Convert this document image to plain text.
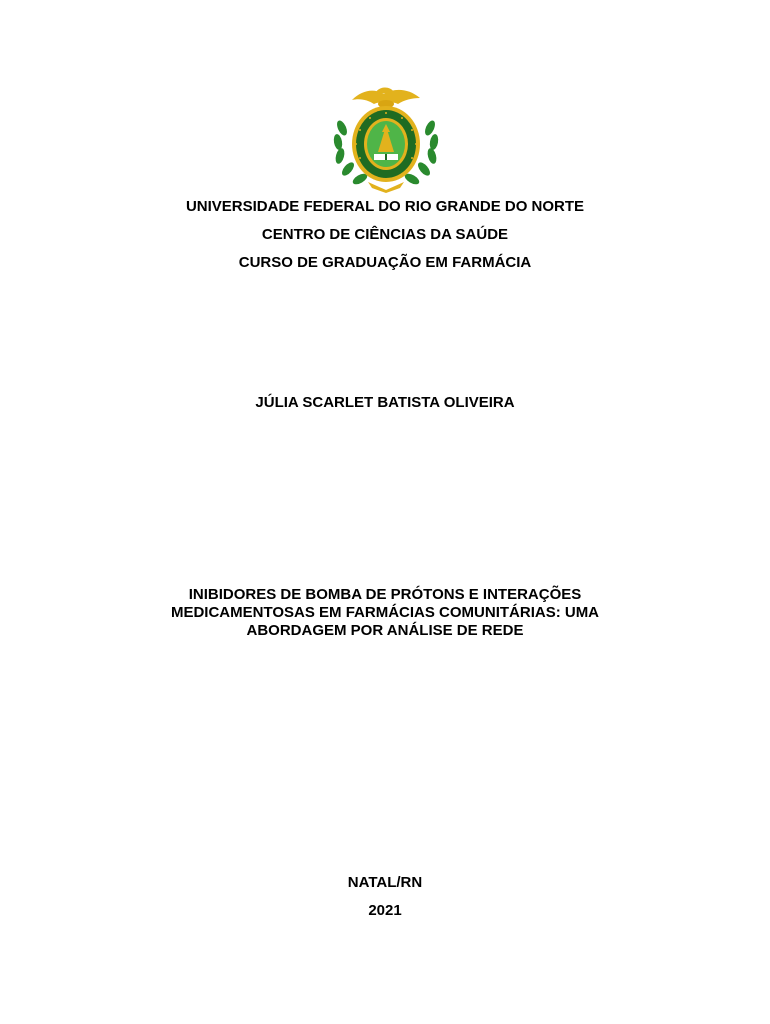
UNIVERSIDADE FEDERAL DO RIO GRANDE DO NORTE
CENTRO DE CIÊNCIAS DA SAÚDE
CURSO DE GRADUAÇÃO EM FARMÁCIA
JÚLIA SCARLET BATISTA OLIVEIRA
INIBIDORES DE BOMBA DE PRÓTONS E INTERAÇÕES
MEDICAMENTOSAS EM FARMÁCIAS COMUNITÁRIAS: UMA
ABORDAGEM POR ANÁLISE DE REDE
NATAL/RN
2021
